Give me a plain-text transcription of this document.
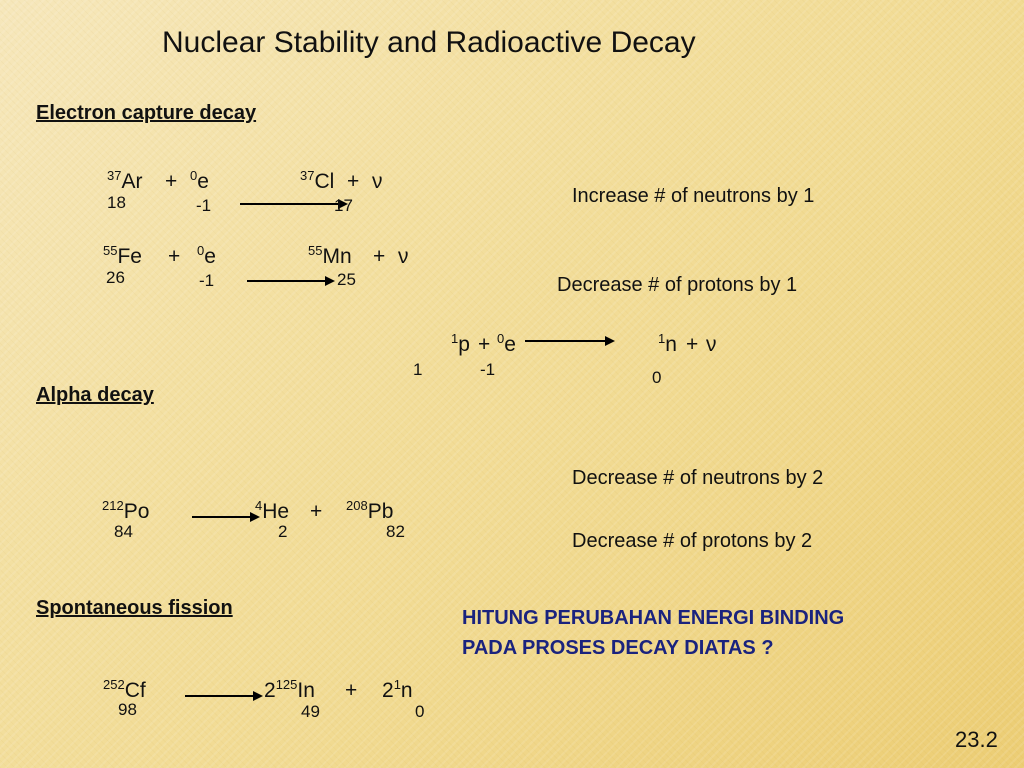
Nuclear Stability and Radioactive Decay
Electron capture decay
Alpha decay
Spontaneous fission
$^{37}$Ar
18
+ $^0$e
-1
$^{37}$Cl
17
+ ν
$^{55}$Fe
26
+ $^0$e
-1
$^{55}$Mn
25
+ ν
$^1$p
1
+ $^0$e
-1
$^1$n
0
+ ν
Increase # of neutrons by 1
Decrease # of protons by 1
$^{212}$Po
84
$^4$He
2
+ $^{208}$Pb
82
Decrease # of neutrons by 2
Decrease # of protons by 2
$^{252}$Cf
98
$2^{125}In$
49
+ $2^1n$
0
HITUNG PERUBAHAN ENERGI BINDING
PADA PROSES DECAY DIATAS ?
23.2
